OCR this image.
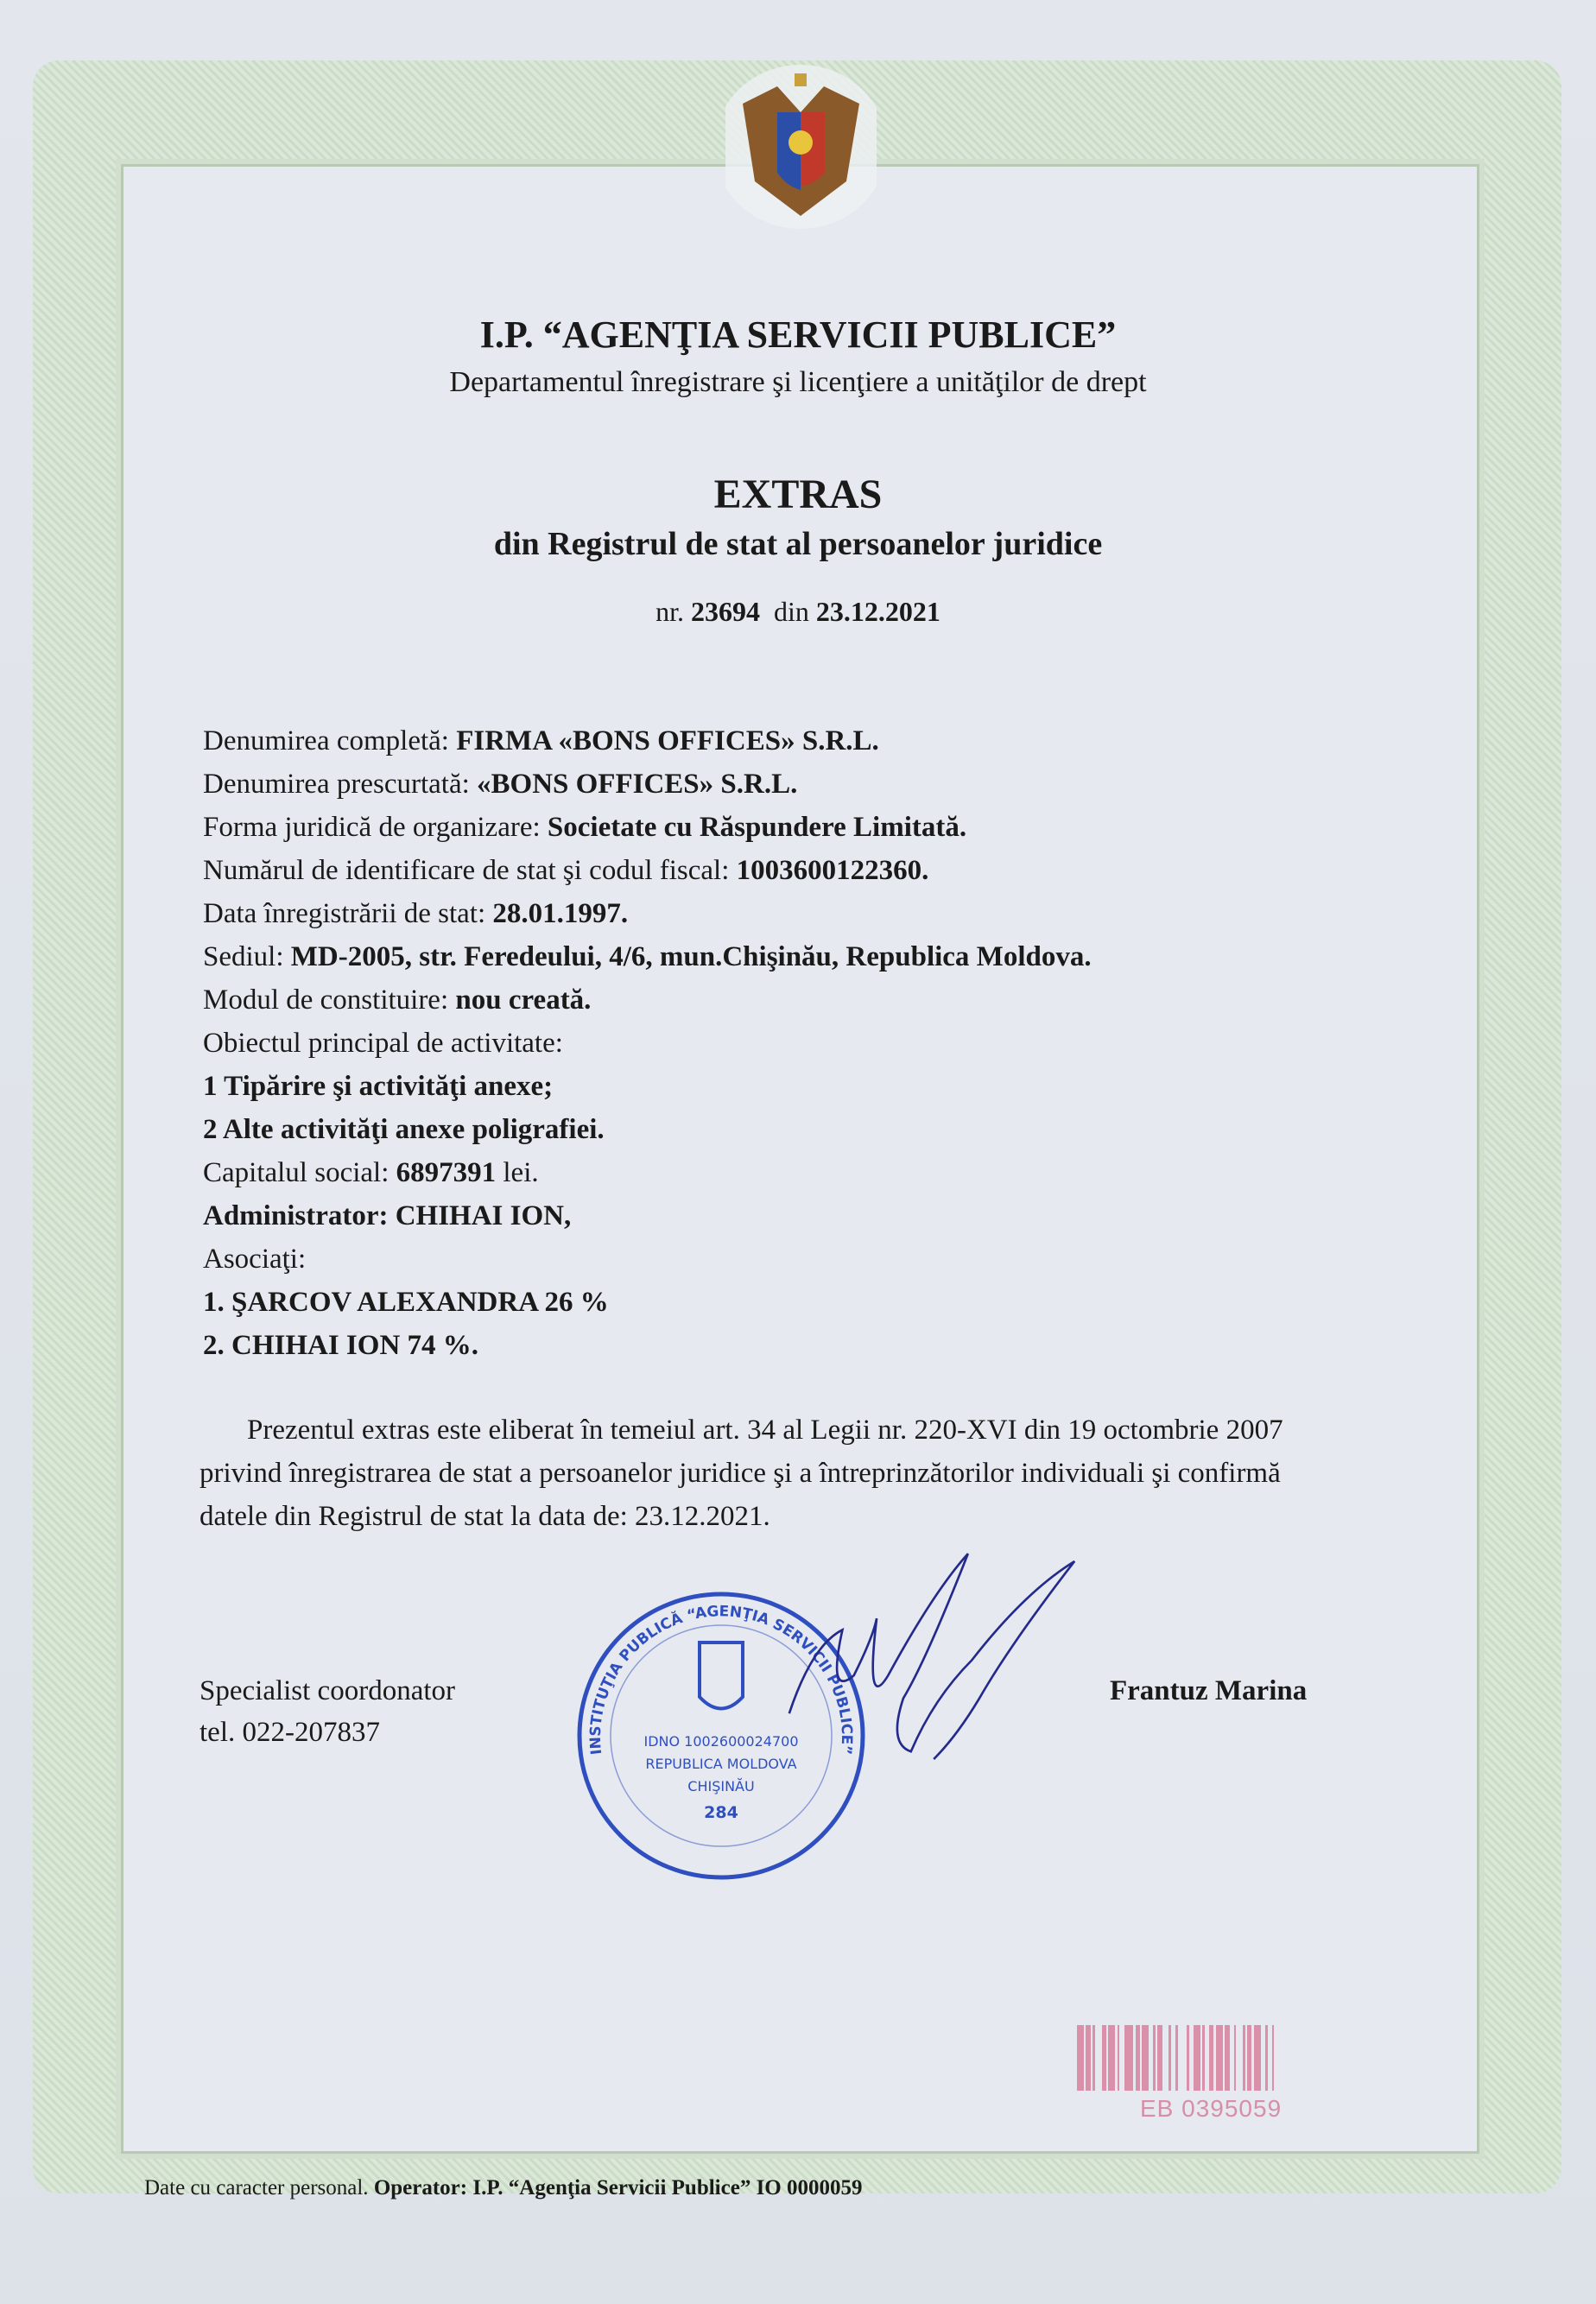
I.P. “AGENŢIA SERVICII PUBLICE”
Departamentul înregistrare şi licenţiere a unităţilor de drept
EXTRAS
din Registrul de stat al persoanelor juridice
nr. 23694 din 23.12.2021
Denumirea completă: FIRMA «BONS OFFICES» S.R.L.
Denumirea prescurtată: «BONS OFFICES» S.R.L.
Forma juridică de organizare: Societate cu Răspundere Limitată.
Numărul de identificare de stat şi codul fiscal: 1003600122360.
Data înregistrării de stat: 28.01.1997.
Sediul: MD-2005, str. Feredeului, 4/6, mun.Chişinău, Republica Moldova.
Modul de constituire: nou creată.
Obiectul principal de activitate:
1 Tipărire şi activităţi anexe;
2 Alte activităţi anexe poligrafiei.
Capitalul social: 6897391 lei.
Administrator: CHIHAI ION,
Asociaţi:
1. ŞARCOV ALEXANDRA 26 %
2. CHIHAI ION 74 %.
Prezentul extras este eliberat în temeiul art. 34 al Legii nr. 220-XVI din 19 octombrie 2007
privind înregistrarea de stat a persoanelor juridice şi a întreprinzătorilor individuali şi confirmă
datele din Registrul de stat la data de: 23.12.2021.
Specialist coordonator
tel. 022-207837
Frantuz Marina
INSTITUŢIA PUBLICĂ “AGENŢIA SERVICII PUBLICE”
IDNO 1002600024700
REPUBLICA MOLDOVA
CHIŞINĂU
284
EB 0395059
Date cu caracter personal. Operator: I.P. “Agenţia Servicii Publice” IO 0000059
